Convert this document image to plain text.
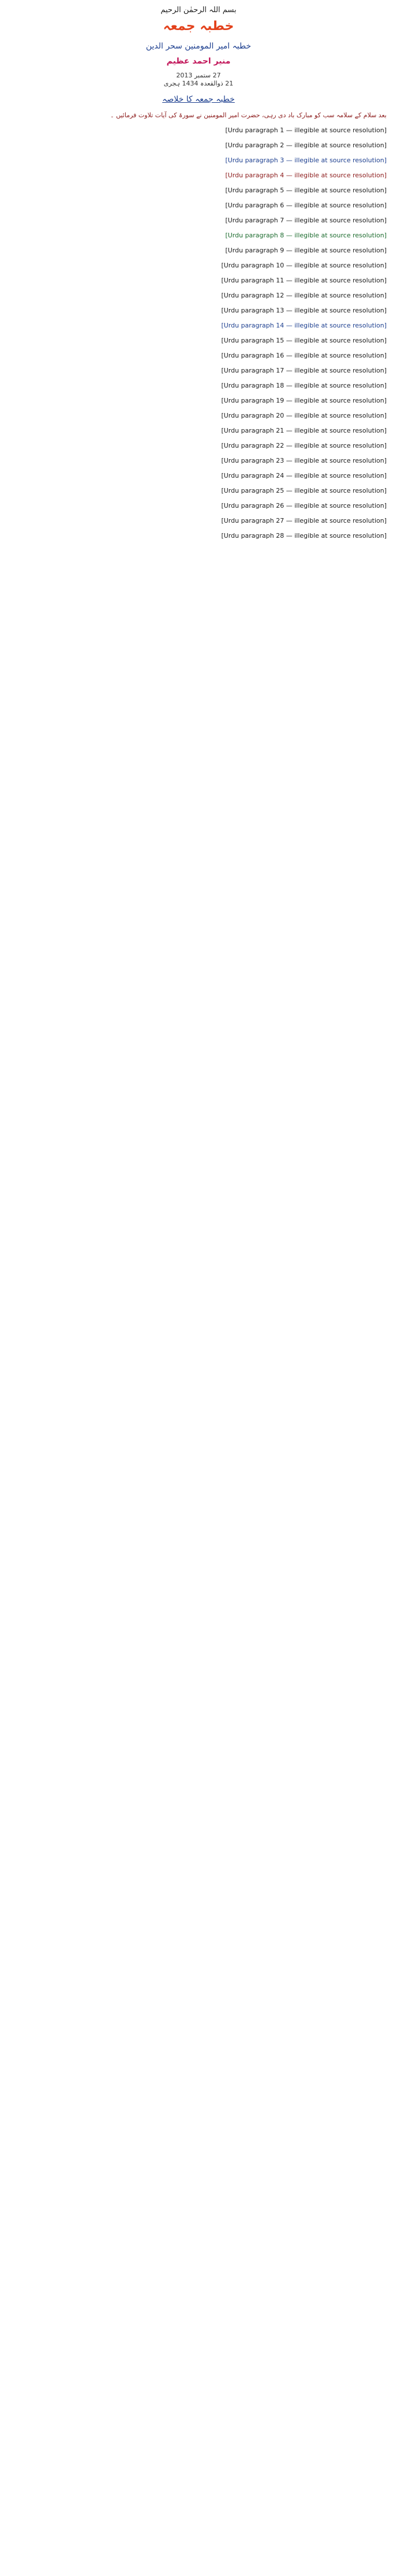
بسم اللہ الرحمٰن الرحیم
خطبہ جمعہ
خطبہ امیر المومنین سحر الدین
منیر احمد عظیم
27 ستمبر 2013
21 ذوالقعدہ 1434 ہجری
خطبہ جمعہ کا خلاصہ
بعد سلام کے سلامہ سب کو مبارک باد دی رہی، حضرت امیر المومنین نے سورۃ کی آیات تلاوت فرمائیں ۔

[Urdu paragraph 1 — illegible at source resolution]

[Urdu paragraph 2 — illegible at source resolution]

[Urdu paragraph 3 — illegible at source resolution]

[Urdu paragraph 4 — illegible at source resolution]

[Urdu paragraph 5 — illegible at source resolution]

[Urdu paragraph 6 — illegible at source resolution]

[Urdu paragraph 7 — illegible at source resolution]

[Urdu paragraph 8 — illegible at source resolution]

[Urdu paragraph 9 — illegible at source resolution]

[Urdu paragraph 10 — illegible at source resolution]

[Urdu paragraph 11 — illegible at source resolution]

[Urdu paragraph 12 — illegible at source resolution]

[Urdu paragraph 13 — illegible at source resolution]

[Urdu paragraph 14 — illegible at source resolution]

[Urdu paragraph 15 — illegible at source resolution]

[Urdu paragraph 16 — illegible at source resolution]

[Urdu paragraph 17 — illegible at source resolution]

[Urdu paragraph 18 — illegible at source resolution]

[Urdu paragraph 19 — illegible at source resolution]

[Urdu paragraph 20 — illegible at source resolution]

[Urdu paragraph 21 — illegible at source resolution]

[Urdu paragraph 22 — illegible at source resolution]

[Urdu paragraph 23 — illegible at source resolution]

[Urdu paragraph 24 — illegible at source resolution]

[Urdu paragraph 25 — illegible at source resolution]

[Urdu paragraph 26 — illegible at source resolution]

[Urdu paragraph 27 — illegible at source resolution]

[Urdu paragraph 28 — illegible at source resolution]
